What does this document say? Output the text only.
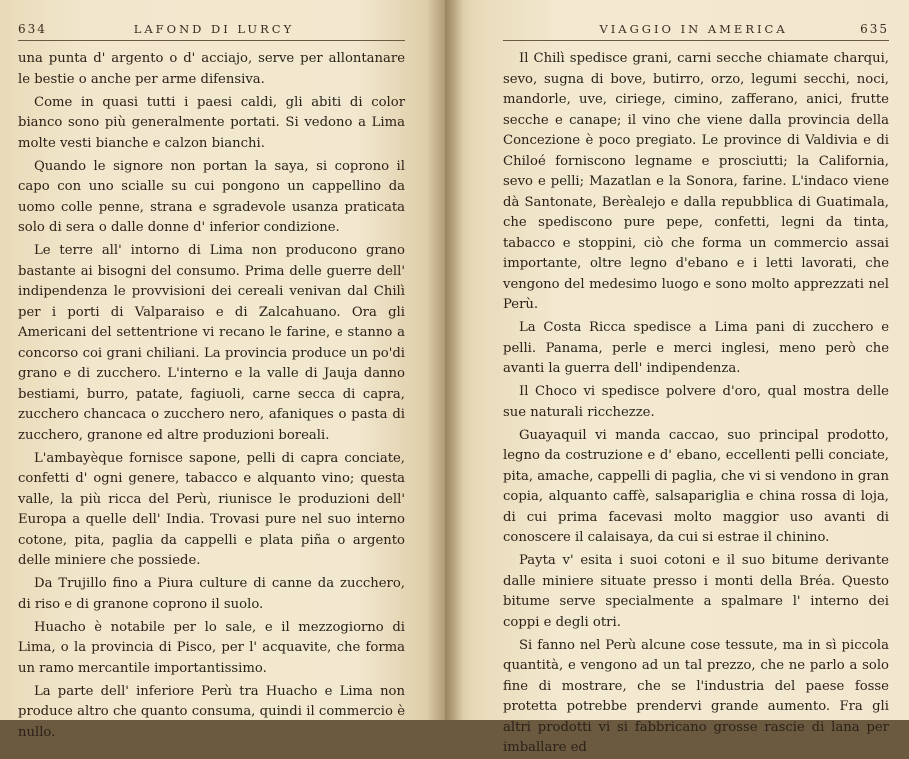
634	LAFOND DI LURCY

una punta d' argento o d' acciajo, serve per allontanare le bestie o anche per arme difensiva.

Come in quasi tutti i paesi caldi, gli abiti di color bianco sono più generalmente portati. Si vedono a Lima molte vesti bianche e calzon bianchi.

Quando le signore non portan la saya, si coprono il capo con uno scialle su cui pongono un cappellino da uomo colle penne, strana e sgradevole usanza praticata solo di sera o dalle donne d' inferior condizione.

Le terre all' intorno di Lima non producono grano bastante ai bisogni del consumo. Prima delle guerre dell' indipendenza le provvisioni dei cereali venivan dal Chilì per i porti di Valparaiso e di Zalcahuano. Ora gli Americani del settentrione vi recano le farine, e stanno a concorso coi grani chiliani. La provincia produce un po'di grano e di zucchero. L'interno e la valle di Jauja danno bestiami, burro, patate, fagiuoli, carne secca di capra, zucchero chancaca o zucchero nero, afaniques o pasta di zucchero, granone ed altre produzioni boreali.

L'ambayèque fornisce sapone, pelli di capra conciate, confetti d' ogni genere, tabacco e alquanto vino; questa valle, la più ricca del Perù, riunisce le produzioni dell' Europa a quelle dell' India. Trovasi pure nel suo interno cotone, pita, paglia da cappelli e plata piña o argento delle miniere che possiede.

Da Trujillo fino a Piura culture di canne da zucchero, di riso e di granone coprono il suolo.

Huacho è notabile per lo sale, e il mezzogiorno di Lima, o la provincia di Pisco, per l' acquavite, che forma un ramo mercantile importantissimo.

La parte dell' inferiore Perù tra Huacho e Lima non produce altro che quanto consuma, quindi il commercio è nullo.

VIAGGIO IN AMERICA	635

Il Chilì spedisce grani, carni secche chiamate charqui, sevo, sugna di bove, butirro, orzo, legumi secchi, noci, mandorle, uve, ciriege, cimino, zafferano, anici, frutte secche e canape; il vino che viene dalla provincia della Concezione è poco pregiato. Le province di Valdivia e di Chiloé forniscono legname e prosciutti; la California, sevo e pelli; Mazatlan e la Sonora, farine. L'indaco viene dà Santonate, Berèalejo e dalla repubblica di Guatimala, che spediscono pure pepe, confetti, legni da tinta, tabacco e stoppini, ciò che forma un commercio assai importante, oltre legno d'ebano e i letti lavorati, che vengono del medesimo luogo e sono molto apprezzati nel Perù.

La Costa Ricca spedisce a Lima pani di zucchero e pelli. Panama, perle e merci inglesi, meno però che avanti la guerra dell' indipendenza.

Il Choco vi spedisce polvere d'oro, qual mostra delle sue naturali ricchezze.

Guayaquil vi manda caccao, suo principal prodotto, legno da costruzione e d' ebano, eccellenti pelli conciate, pita, amache, cappelli di paglia, che vi si vendono in gran copia, alquanto caffè, salsapariglia e china rossa di loja, di cui prima facevasi molto maggior uso avanti di conoscere il calaisaya, da cui si estrae il chinino.

Payta v' esita i suoi cotoni e il suo bitume derivante dalle miniere situate presso i monti della Bréa. Questo bitume serve specialmente a spalmare l' interno dei coppi e degli otri.

Si fanno nel Perù alcune cose tessute, ma in sì piccola quantità, e vengono ad un tal prezzo, che ne parlo a solo fine di mostrare, che se l'industria del paese fosse protetta potrebbe prendervi grande aumento. Fra gli altri prodotti vi si fabbricano grosse rascie di lana per imballare ed
